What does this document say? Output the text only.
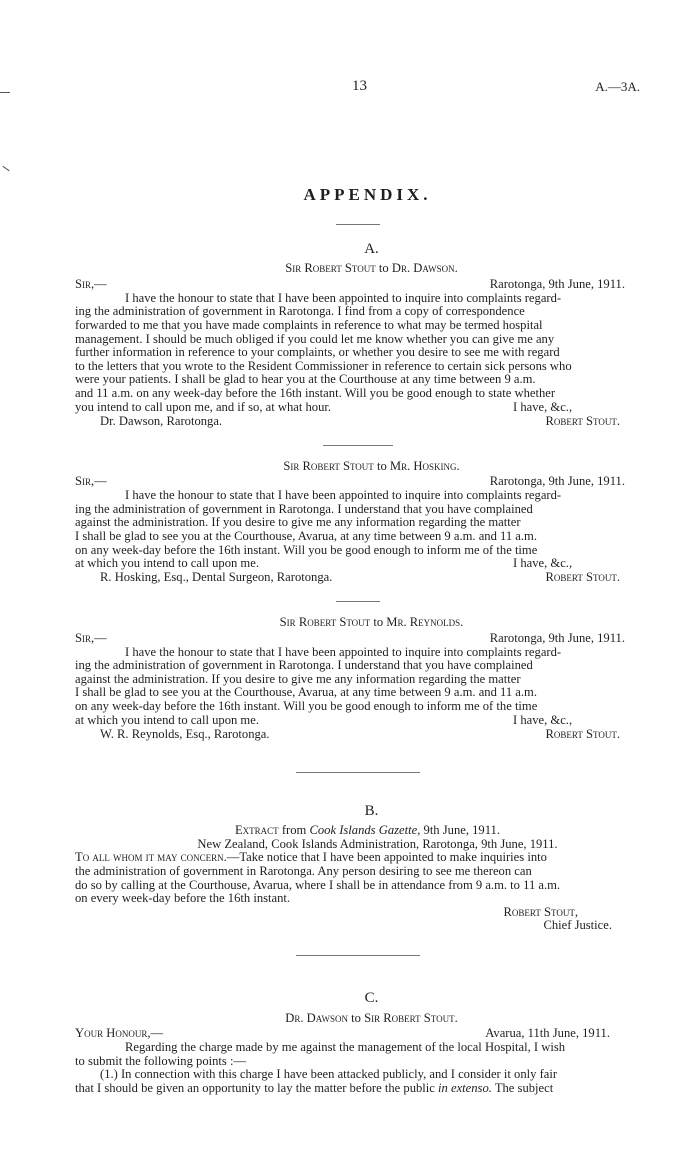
13	A.—3A.
APPENDIX.
A.
Sir Robert Stout to Dr. Dawson.
Sir,—	Rarotonga, 9th June, 1911.
I have the honour to state that I have been appointed to inquire into complaints regard-
ing the administration of government in Rarotonga. I find from a copy of correspondence
forwarded to me that you have made complaints in reference to what may be termed hospital
management. I should be much obliged if you could let me know whether you can give me any
further information in reference to your complaints, or whether you desire to see me with regard
to the letters that you wrote to the Resident Commissioner in reference to certain sick persons who
were your patients. I shall be glad to hear you at the Courthouse at any time between 9 a.m.
and 11 a.m. on any week-day before the 16th instant. Will you be good enough to state whether
you intend to call upon me, and if so, at what hour.	I have, &c.,
Dr. Dawson, Rarotonga.	Robert Stout.
Sir Robert Stout to Mr. Hosking.
Sir,—	Rarotonga, 9th June, 1911.
I have the honour to state that I have been appointed to inquire into complaints regard-
ing the administration of government in Rarotonga. I understand that you have complained
against the administration. If you desire to give me any information regarding the matter
I shall be glad to see you at the Courthouse, Avarua, at any time between 9 a.m. and 11 a.m.
on any week-day before the 16th instant. Will you be good enough to inform me of the time
at which you intend to call upon me.	I have, &c.,
R. Hosking, Esq., Dental Surgeon, Rarotonga.	Robert Stout.
Sir Robert Stout to Mr. Reynolds.
Sir,—	Rarotonga, 9th June, 1911.
I have the honour to state that I have been appointed to inquire into complaints regard-
ing the administration of government in Rarotonga. I understand that you have complained
against the administration. If you desire to give me any information regarding the matter
I shall be glad to see you at the Courthouse, Avarua, at any time between 9 a.m. and 11 a.m.
on any week-day before the 16th instant. Will you be good enough to inform me of the time
at which you intend to call upon me.	I have, &c.,
W. R. Reynolds, Esq., Rarotonga.	Robert Stout.
B.
Extract from Cook Islands Gazette, 9th June, 1911.
New Zealand, Cook Islands Administration, Rarotonga, 9th June, 1911.
To all whom it may concern.—Take notice that I have been appointed to make inquiries into
the administration of government in Rarotonga. Any person desiring to see me thereon can
do so by calling at the Courthouse, Avarua, where I shall be in attendance from 9 a.m. to 11 a.m.
on every week-day before the 16th instant.
Robert Stout,
Chief Justice.
C.
Dr. Dawson to Sir Robert Stout.
Your Honour,—	Avarua, 11th June, 1911.
Regarding the charge made by me against the management of the local Hospital, I wish
to submit the following points :—
(1.) In connection with this charge I have been attacked publicly, and I consider it only fair
that I should be given an opportunity to lay the matter before the public in extenso. The subject
